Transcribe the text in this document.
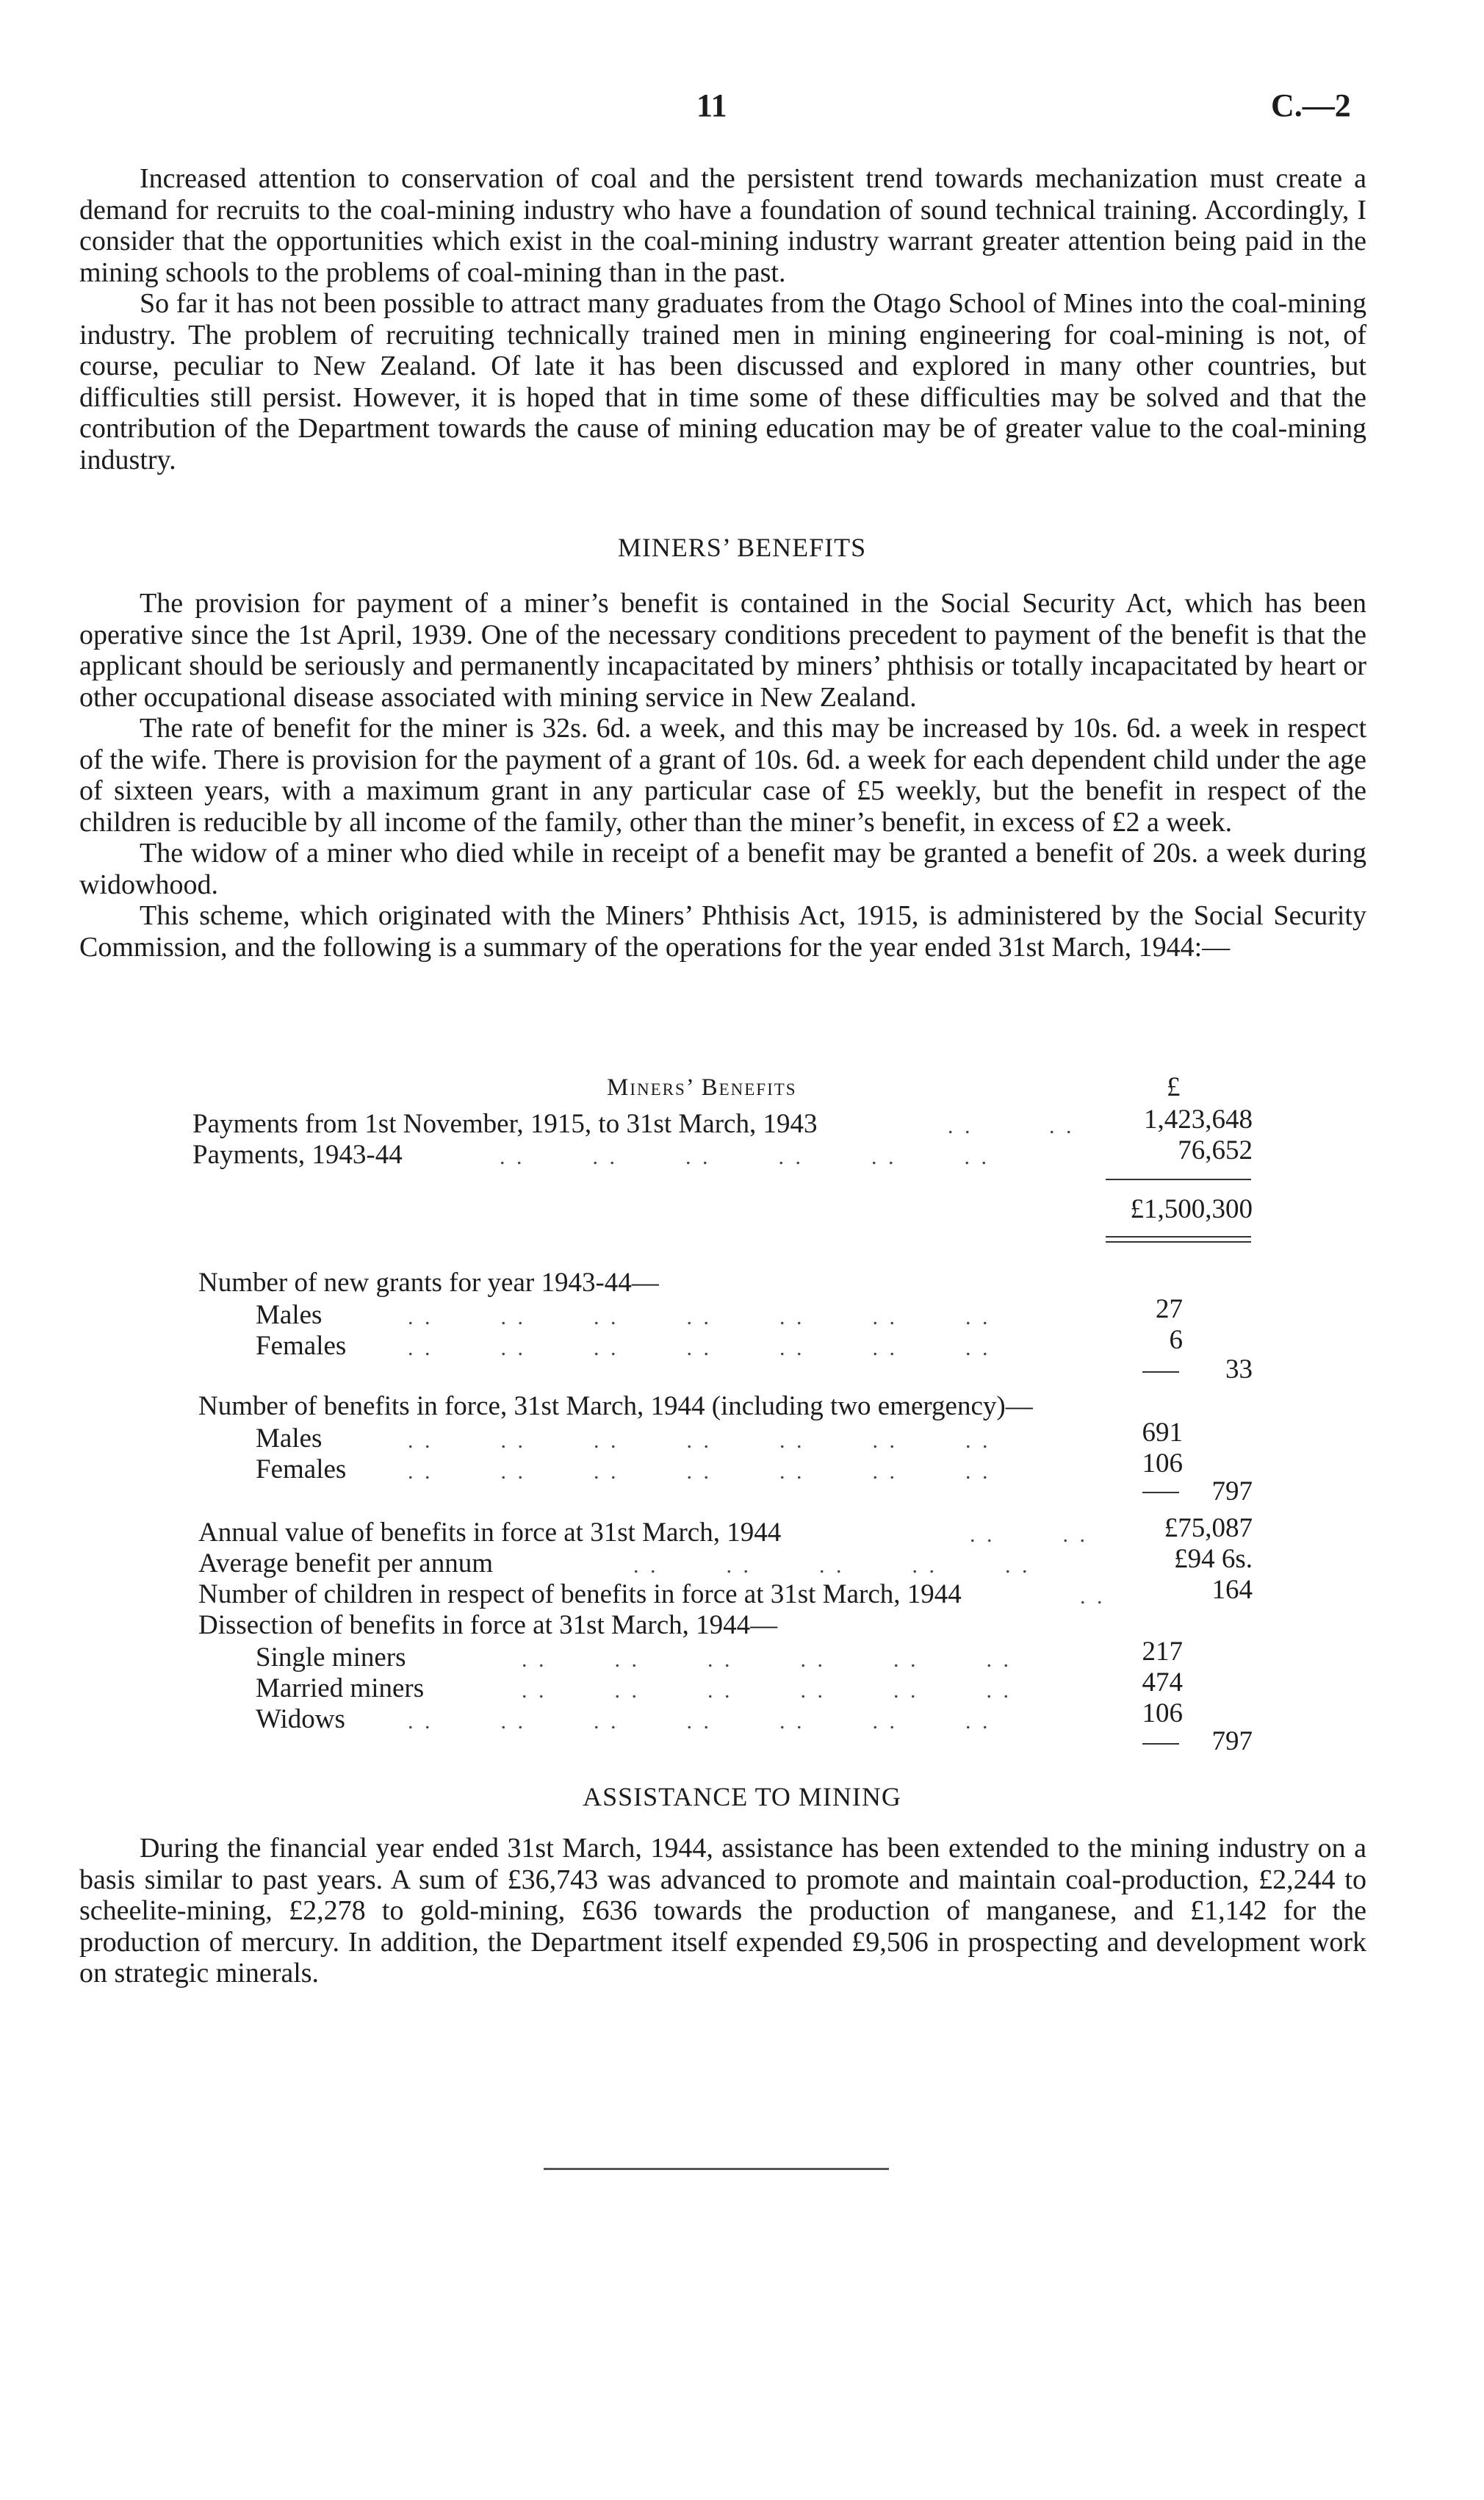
11	C.—2

Increased attention to conservation of coal and the persistent trend towards mechanization must create a demand for recruits to the coal-mining industry who have a foundation of sound technical training. Accordingly, I consider that the opportunities which exist in the coal-mining industry warrant greater attention being paid in the mining schools to the problems of coal-mining than in the past.

So far it has not been possible to attract many graduates from the Otago School of Mines into the coal-mining industry. The problem of recruiting technically trained men in mining engineering for coal-mining is not, of course, peculiar to New Zealand. Of late it has been discussed and explored in many other countries, but difficulties still persist. However, it is hoped that in time some of these difficulties may be solved and that the contribution of the Department towards the cause of mining education may be of greater value to the coal-mining industry.

MINERS’ BENEFITS

The provision for payment of a miner’s benefit is contained in the Social Security Act, which has been operative since the 1st April, 1939. One of the necessary conditions precedent to payment of the benefit is that the applicant should be seriously and permanently incapacitated by miners’ phthisis or totally incapacitated by heart or other occupational disease associated with mining service in New Zealand.

The rate of benefit for the miner is 32s. 6d. a week, and this may be increased by 10s. 6d. a week in respect of the wife. There is provision for the payment of a grant of 10s. 6d. a week for each dependent child under the age of sixteen years, with a maximum grant in any particular case of £5 weekly, but the benefit in respect of the children is reducible by all income of the family, other than the miner’s benefit, in excess of £2 a week.

The widow of a miner who died while in receipt of a benefit may be granted a benefit of 20s. a week during widowhood.

This scheme, which originated with the Miners’ Phthisis Act, 1915, is administered by the Social Security Commission, and the following is a summary of the operations for the year ended 31st March, 1944:—

Miners’ Benefits	£
Payments from 1st November, 1915, to 31st March, 1943	. .         . .	1,423,648
Payments, 1943-44	. .        . .        . .        . .        . .        . .	76,652
£1,500,300
Number of new grants for year 1943-44—
Males	. .        . .        . .        . .        . .        . .        . .	27
Females	. .        . .        . .        . .        . .        . .        . .	6
33
Number of benefits in force, 31st March, 1944 (including two emergency)—
Males	. .        . .        . .        . .        . .        . .        . .	691
Females	. .        . .        . .        . .        . .        . .        . .	106
797
Annual value of benefits in force at 31st March, 1944	. .        . .	£75,087
Average benefit per annum	. .        . .        . .        . .        . .	£94 6s.
Number of children in respect of benefits in force at 31st March, 1944	. .	164
Dissection of benefits in force at 31st March, 1944—
Single miners	. .        . .        . .        . .        . .        . .	217
Married miners	. .        . .        . .        . .        . .        . .	474
Widows	. .        . .        . .        . .        . .        . .        . .	106
797
ASSISTANCE TO MINING

During the financial year ended 31st March, 1944, assistance has been extended to the mining industry on a basis similar to past years. A sum of £36,743 was advanced to promote and maintain coal-production, £2,244 to scheelite-mining, £2,278 to gold-mining, £636 towards the production of manganese, and £1,142 for the production of mercury. In addition, the Department itself expended £9,506 in prospecting and development work on strategic minerals.
